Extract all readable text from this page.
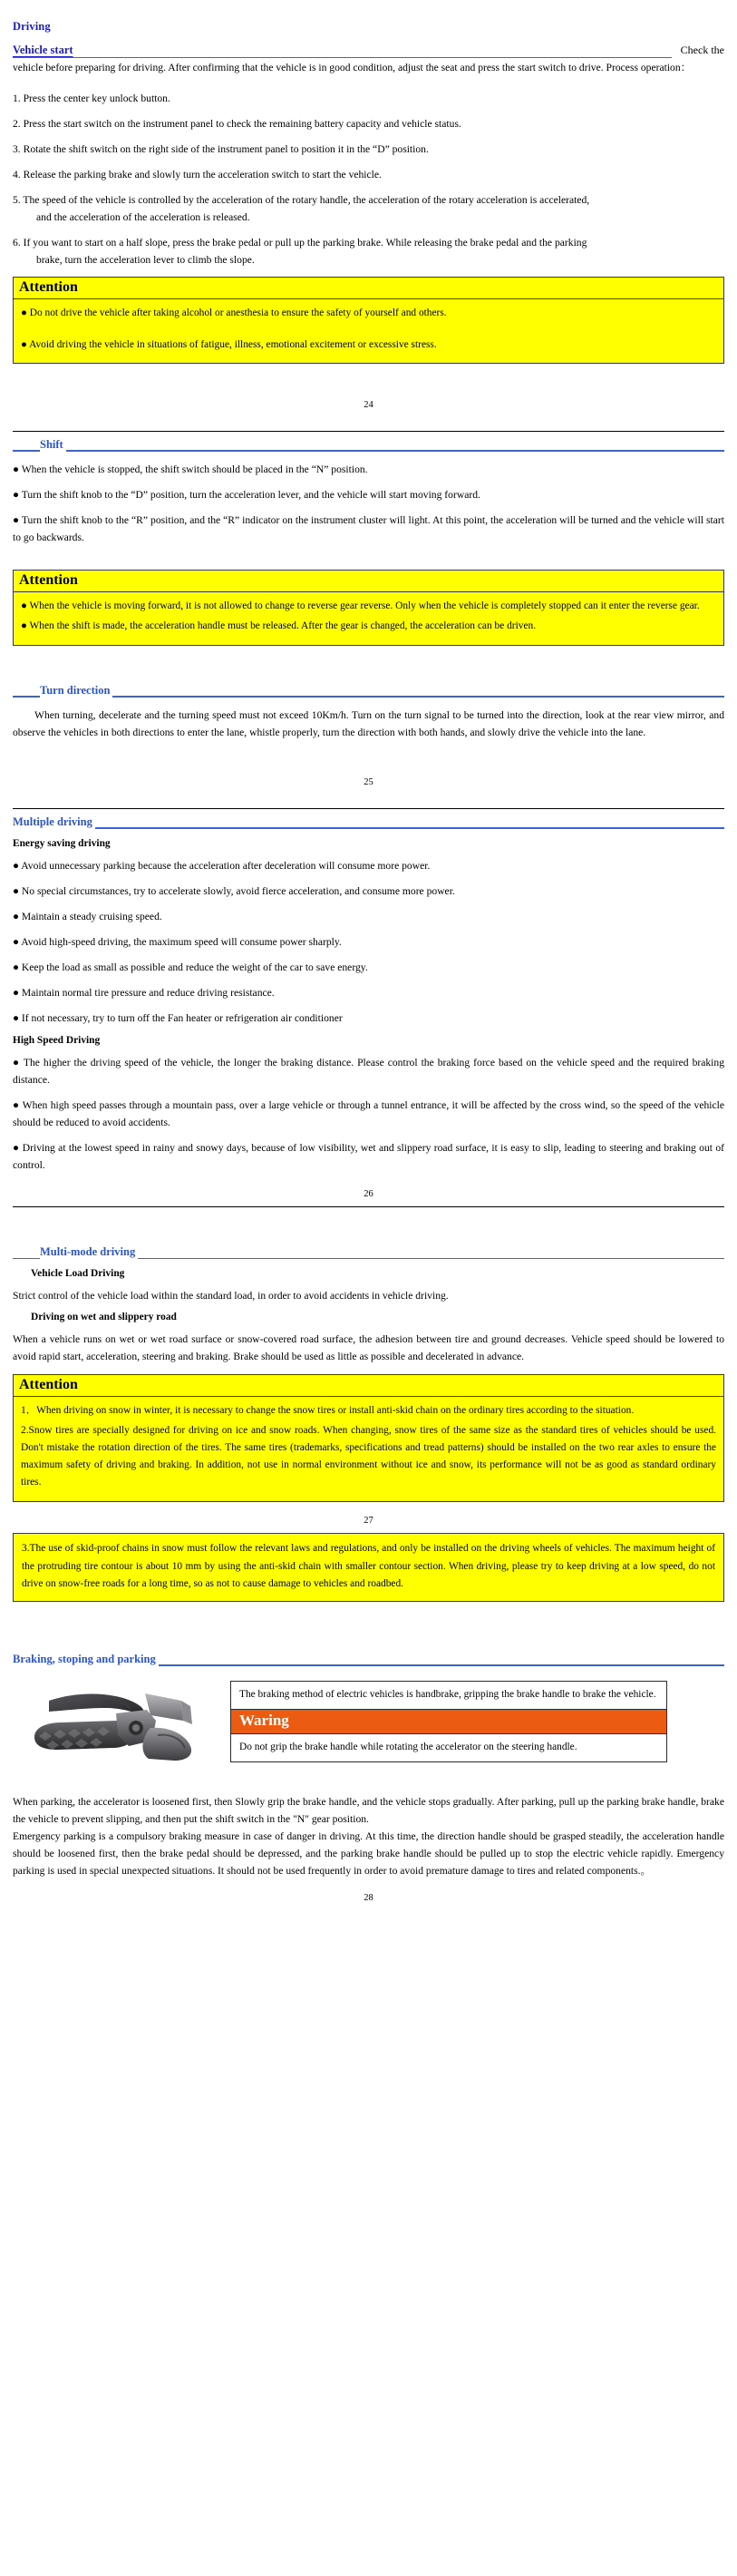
Driving
Check the
Vehicle start

vehicle before preparing for driving. After confirming that the vehicle is in good condition, adjust the seat and press the start switch to drive. Process operation：

1. Press the center key unlock button.
2. Press the start switch on the instrument panel to check the remaining battery capacity and vehicle status.
3. Rotate the shift switch on the right side of the instrument panel to position it in the “D” position.
4. Release the parking brake and slowly turn the acceleration switch to start the vehicle.
5. The speed of the vehicle is controlled by the acceleration of the rotary handle, the acceleration of the rotary acceleration is accelerated,
and the acceleration of the acceleration is released.
6. If you want to start on a half slope, press the brake pedal or pull up the parking brake. While releasing the brake pedal and the parking
brake, turn the acceleration lever to climb the slope.
Attention
● Do not drive the vehicle after taking alcohol or anesthesia to ensure the safety of yourself and others.
● Avoid driving the vehicle in situations of fatigue, illness, emotional excitement or excessive stress.
24
Shift
● When the vehicle is stopped, the shift switch should be placed in the “N” position.
● Turn the shift knob to the “D” position, turn the acceleration lever, and the vehicle will start moving forward.
● Turn the shift knob to the “R” position, and the “R” indicator on the instrument cluster will light. At this point, the acceleration will be turned and the vehicle will start to go backwards.
Attention
● When the vehicle is moving forward, it is not allowed to change to reverse gear reverse. Only when the vehicle is completely stopped can it enter the reverse gear.
● When the shift is made, the acceleration handle must be released. After the gear is changed, the acceleration can be driven.
Turn direction

When turning, decelerate and the turning speed must not exceed 10Km/h. Turn on the turn signal to be turned into the direction, look at the rear view mirror, and observe the vehicles in both directions to enter the lane, whistle properly, turn the direction with both hands, and slowly drive the vehicle into the lane.

25
Multiple driving
Energy saving driving
● Avoid unnecessary parking because the acceleration after deceleration will consume more power.
● No special circumstances, try to accelerate slowly, avoid fierce acceleration, and consume more power.
● Maintain a steady cruising speed.
● Avoid high-speed driving, the maximum speed will consume power sharply.
● Keep the load as small as possible and reduce the weight of the car to save energy.
● Maintain normal tire pressure and reduce driving resistance.
● If not necessary, try to turn off the Fan heater or refrigeration air conditioner
High Speed Driving
● The higher the driving speed of the vehicle, the longer the braking distance. Please control the braking force based on the vehicle speed and the required braking distance.
● When high speed passes through a mountain pass, over a large vehicle or through a tunnel entrance, it will be affected by the cross wind, so the speed of the vehicle should be reduced to avoid accidents.
● Driving at the lowest speed in rainy and snowy days, because of low visibility, wet and slippery road surface, it is easy to slip, leading to steering and braking out of control.
26
Multi-mode driving
Vehicle Load Driving

Strict control of the vehicle load within the standard load, in order to avoid accidents in vehicle driving.

Driving on wet and slippery road

When a vehicle runs on wet or wet road surface or snow-covered road surface, the adhesion between tire and ground decreases. Vehicle speed should be lowered to avoid rapid start, acceleration, steering and braking. Brake should be used as little as possible and decelerated in advance.

Attention
1．When driving on snow in winter, it is necessary to change the snow tires or install anti-skid chain on the ordinary tires according to the situation.
2.Snow tires are specially designed for driving on ice and snow roads. When changing, snow tires of the same size as the standard tires of vehicles should be used. Don't mistake the rotation direction of the tires. The same tires (trademarks, specifications and tread patterns) should be installed on the two rear axles to ensure the maximum safety of driving and braking. In addition, not use in normal environment without ice and snow, its performance will not be as good as standard ordinary tires.
27
3.The use of skid-proof chains in snow must follow the relevant laws and regulations, and only be installed on the driving wheels of vehicles. The maximum height of the protruding tire contour is about 10 mm by using the anti-skid chain with smaller contour section. When driving, please try to keep driving at a low speed, do not drive on snow-free roads for a long time, so as not to cause damage to vehicles and roadbed.
Braking, stoping and parking
The braking method of electric vehicles is handbrake, gripping the brake handle to brake the vehicle.
Waring
Do not grip the brake handle while rotating the accelerator on the steering handle.

When parking, the accelerator is loosened first, then Slowly grip the brake handle, and the vehicle stops gradually. After parking, pull up the parking brake handle, brake the vehicle to prevent slipping, and then put the shift switch in the "N" gear position.

Emergency parking is a compulsory braking measure in case of danger in driving. At this time, the direction handle should be grasped steadily, the acceleration handle should be loosened first, then the brake pedal should be depressed, and the parking brake handle should be pulled up to stop the electric vehicle rapidly. Emergency parking is used in special unexpected situations. It should not be used frequently in order to avoid premature damage to tires and related components.。

28
